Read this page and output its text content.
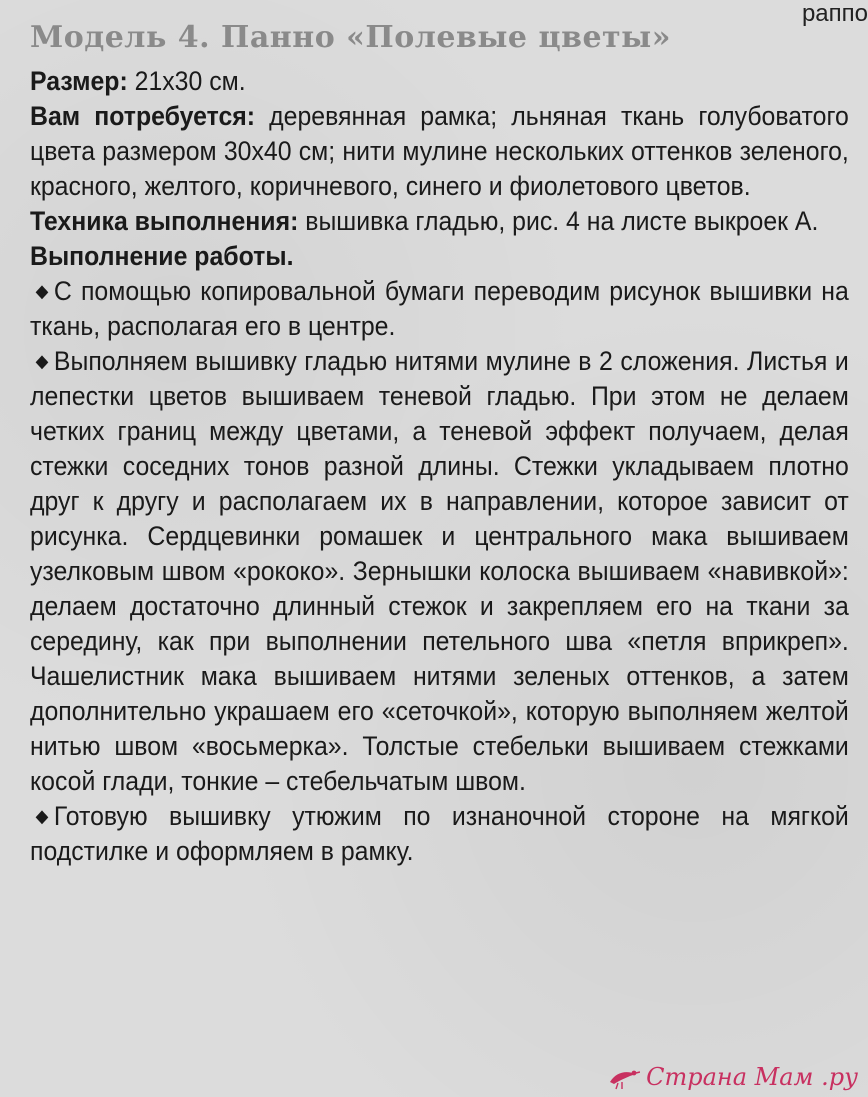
раппо
Модель 4. Панно «Полевые цветы»

Размер: 21x30 см.

Вам потребуется: деревянная рамка; льняная ткань голубоватого цвета размером 30x40 см; нити мулине нескольких оттенков зеленого, красного, желтого, коричневого, синего и фиолетового цветов.

Техника выполнения: вышивка гладью, рис. 4 на листе выкроек А.

Выполнение работы.

◆ С помощью копировальной бумаги переводим рисунок вышивки на ткань, располагая его в центре.

◆ Выполняем вышивку гладью нитями мулине в 2 сложения. Листья и лепестки цветов вышиваем теневой гладью. При этом не делаем четких границ между цветами, а теневой эффект получаем, делая стежки соседних тонов разной длины. Стежки укладываем плотно друг к другу и располагаем их в направлении, которое зависит от рисунка. Сердцевинки ромашек и центрального мака вышиваем узелковым швом «рококо». Зернышки колоска вышиваем «навивкой»: делаем достаточно длинный стежок и закрепляем его на ткани за середину, как при выполнении петельного шва «петля вприкреп». Чашелистник мака вышиваем нитями зеленых оттенков, а затем дополнительно украшаем его «сеточкой», которую выполняем желтой нитью швом «восьмерка». Толстые стебельки вышиваем стежками косой глади, тонкие – стебельчатым швом.

◆ Готовую вышивку утюжим по изнаночной стороне на мягкой подстилке и оформляем в рамку.

Страна Мам .ру
